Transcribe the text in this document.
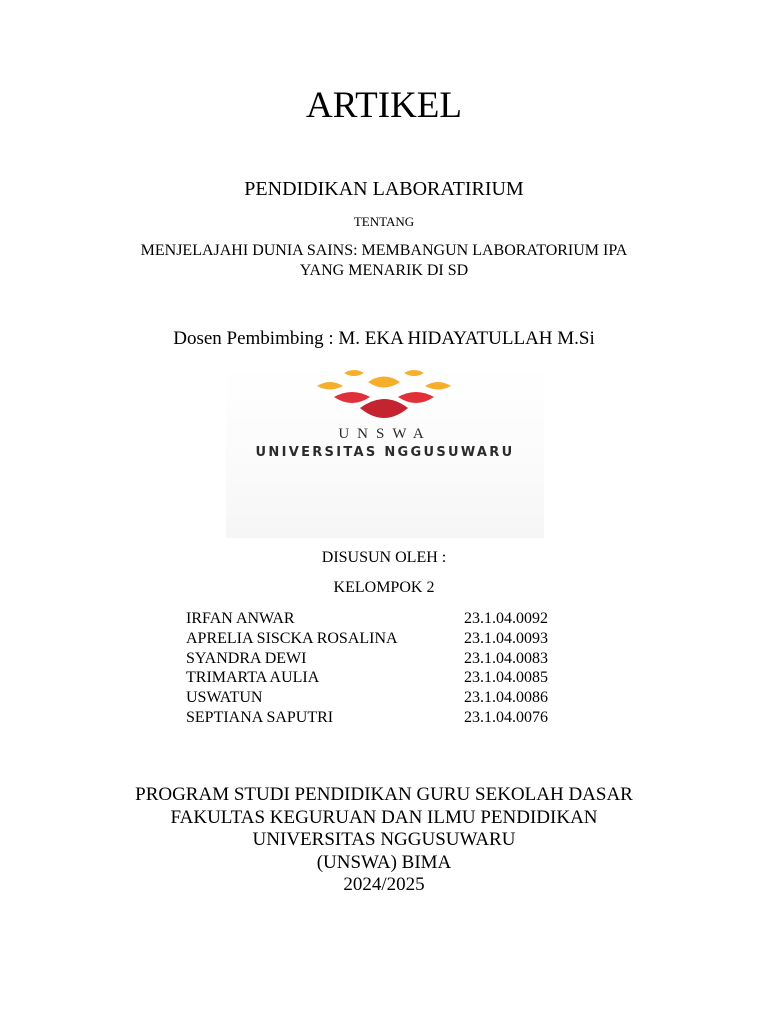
ARTIKEL
PENDIDIKAN LABORATIRIUM
TENTANG
MENJELAJAHI DUNIA SAINS: MEMBANGUN LABORATORIUM IPA
YANG MENARIK DI SD
Dosen Pembimbing : M. EKA HIDAYATULLAH M.Si
UNSWA
UNIVERSITAS NGGUSUWARU
DISUSUN OLEH :
KELOMPOK 2
IRFAN ANWAR	23.1.04.0092
APRELIA SISCKA ROSALINA	23.1.04.0093
SYANDRA DEWI	23.1.04.0083
TRIMARTA AULIA	23.1.04.0085
USWATUN	23.1.04.0086
SEPTIANA SAPUTRI	23.1.04.0076
PROGRAM STUDI PENDIDIKAN GURU SEKOLAH DASAR
FAKULTAS KEGURUAN DAN ILMU PENDIDIKAN
UNIVERSITAS NGGUSUWARU
(UNSWA) BIMA
2024/2025
